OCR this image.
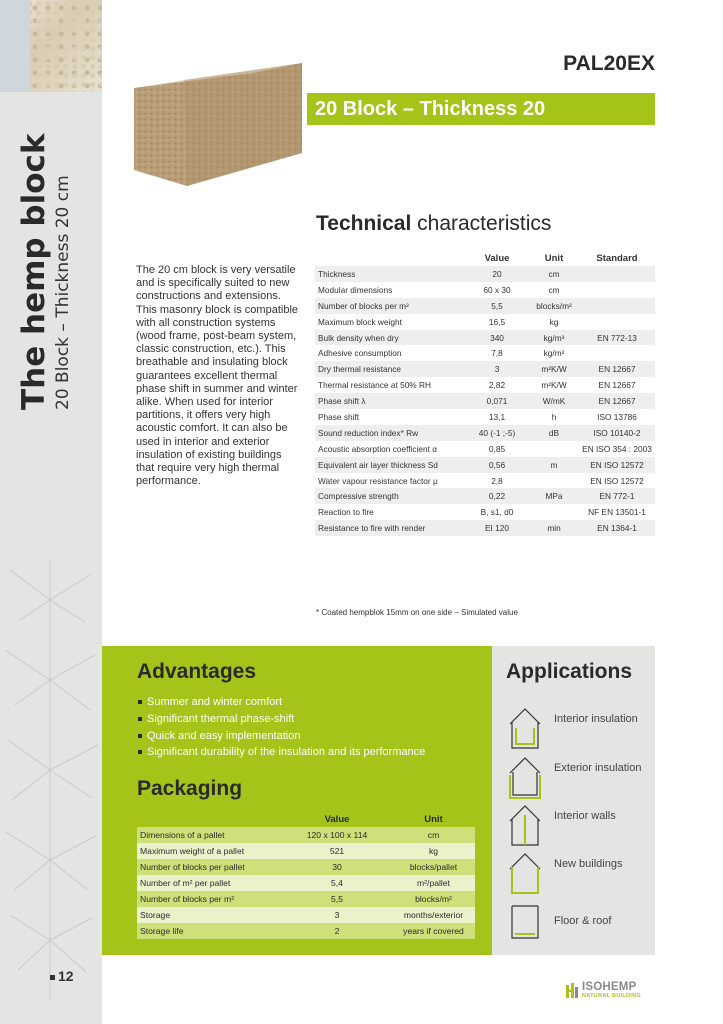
The hemp block 20 Block – Thickness 20 cm
12
PAL20EX
20 Block – Thickness 20
Technical characteristics

The 20 cm block is very versatile and is specifically suited to new constructions and extensions. This masonry block is compatible with all construction systems (wood frame, post-beam system, classic construction, etc.). This breathable and insulating block guarantees excellent thermal phase shift in summer and winter alike. When used for interior partitions, it offers very high acoustic comfort. It can also be used in interior and exterior insulation of existing buildings that require very high thermal performance.

	Value	Unit	Standard
Thickness	20	cm	
Modular dimensions	60 x 30	cm	
Number of blocks per m²	5,5	blocks/m²	
Maximum block weight	16,5	kg	
Bulk density when dry	340	kg/m³	EN 772-13
Adhesive consumption	7,8	kg/m²	
Dry thermal resistance	3	m²K/W	EN 12667
Thermal resistance at 50% RH	2,82	m²K/W	EN 12667
Phase shift λ	0,071	W/mK	EN 12667
Phase shift	13,1	h	ISO 13786
Sound reduction index* Rw	40 (-1 ;-5)	dB	ISO 10140-2
Acoustic absorption coefficient α	0,85		EN ISO 354 : 2003
Equivalent air layer thickness Sd	0,56	m	EN ISO 12572
Water vapour resistance factor μ	2,8		EN ISO 12572
Compressive strength	0,22	MPa	EN 772-1
Reaction to fire	B, s1, d0		NF EN 13501-1
Resistance to fire with render	EI 120	min	EN 1364-1
* Coated hempblok 15mm on one side – Simulated value
Advantages
Summer and winter comfort
Significant thermal phase-shift
Quick and easy implementation
Significant durability of the insulation and its performance
Packaging
	Value	Unit
Dimensions of a pallet	120 x 100 x 114	cm
Maximum weight of a pallet	521	kg
Number of blocks per pallet	30	blocks/pallet
Number of m² per pallet	5,4	m²/pallet
Number of blocks per m²	5,5	blocks/m²
Storage	3	months/exterior
Storage life	2	years if covered
Applications
Interior insulation
Exterior insulation
Interior walls
New buildings
Floor & roof
ISOHEMP
NATURAL BUILDING
